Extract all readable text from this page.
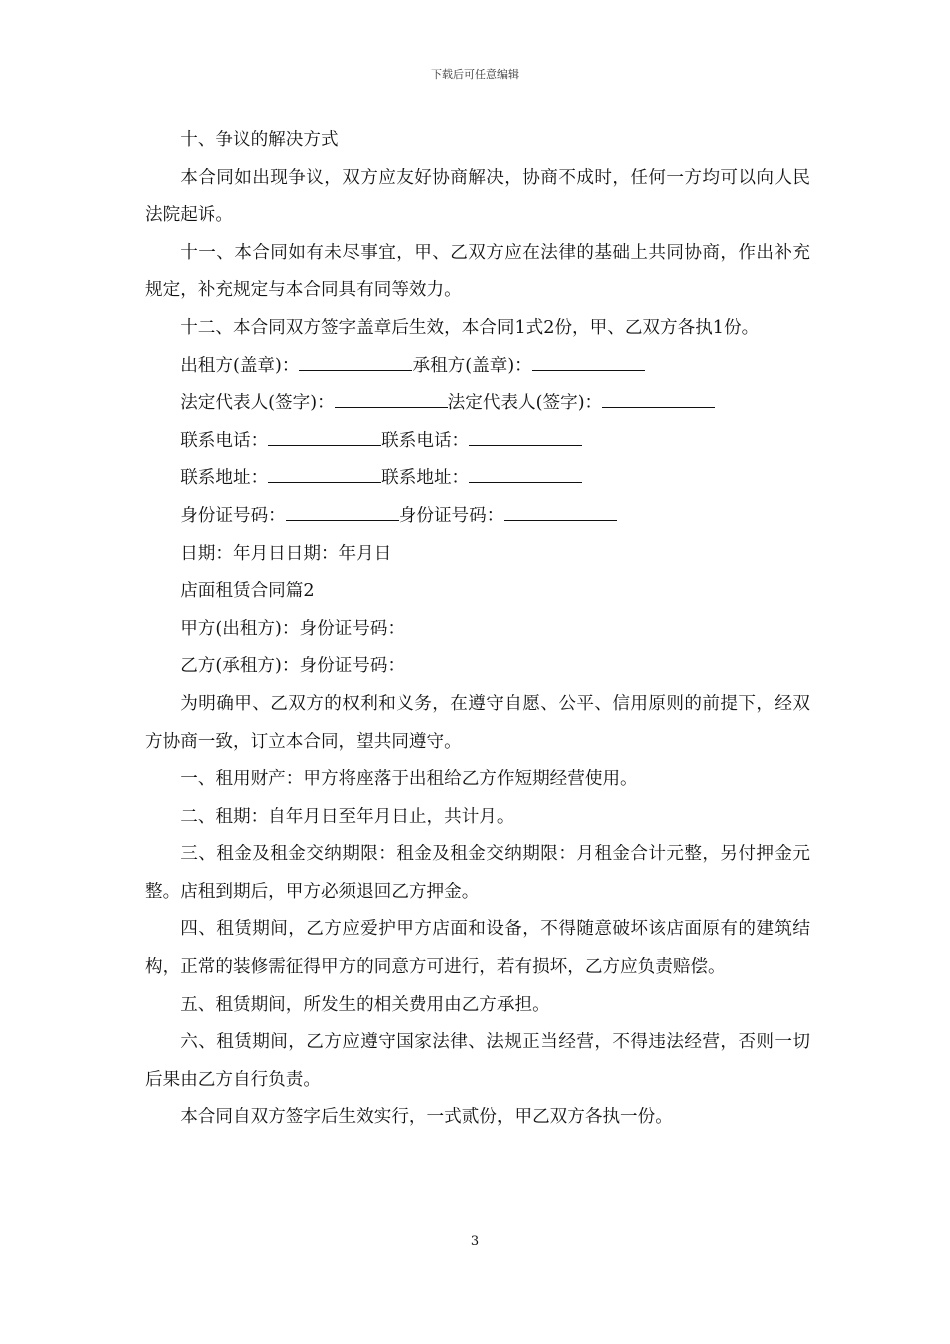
下载后可任意编辑

十、争议的解决方式

本合同如出现争议，双方应友好协商解决，协商不成时，任何一方均可以向人民法院起诉。

十一、本合同如有未尽事宜，甲、乙双方应在法律的基础上共同协商，作出补充规定，补充规定与本合同具有同等效力。

十二、本合同双方签字盖章后生效，本合同1式2份，甲、乙双方各执1份。

出租方(盖章)：	承租方(盖章)：

法定代表人(签字)：	法定代表人(签字)：

联系电话：	联系电话：

联系地址：	联系地址：

身份证号码：	身份证号码：

日期：年月日日期：年月日

店面租赁合同篇2

甲方(出租方)：身份证号码：

乙方(承租方)：身份证号码：

为明确甲、乙双方的权利和义务，在遵守自愿、公平、信用原则的前提下，经双方协商一致，订立本合同，望共同遵守。

一、租用财产：甲方将座落于出租给乙方作短期经营使用。

二、租期：自年月日至年月日止，共计月。

三、租金及租金交纳期限：租金及租金交纳期限：月租金合计元整，另付押金元整。店租到期后，甲方必须退回乙方押金。

四、租赁期间，乙方应爱护甲方店面和设备，不得随意破坏该店面原有的建筑结构，正常的装修需征得甲方的同意方可进行，若有损坏，乙方应负责赔偿。

五、租赁期间，所发生的相关费用由乙方承担。

六、租赁期间，乙方应遵守国家法律、法规正当经营，不得违法经营，否则一切后果由乙方自行负责。

本合同自双方签字后生效实行，一式贰份，甲乙双方各执一份。

3
